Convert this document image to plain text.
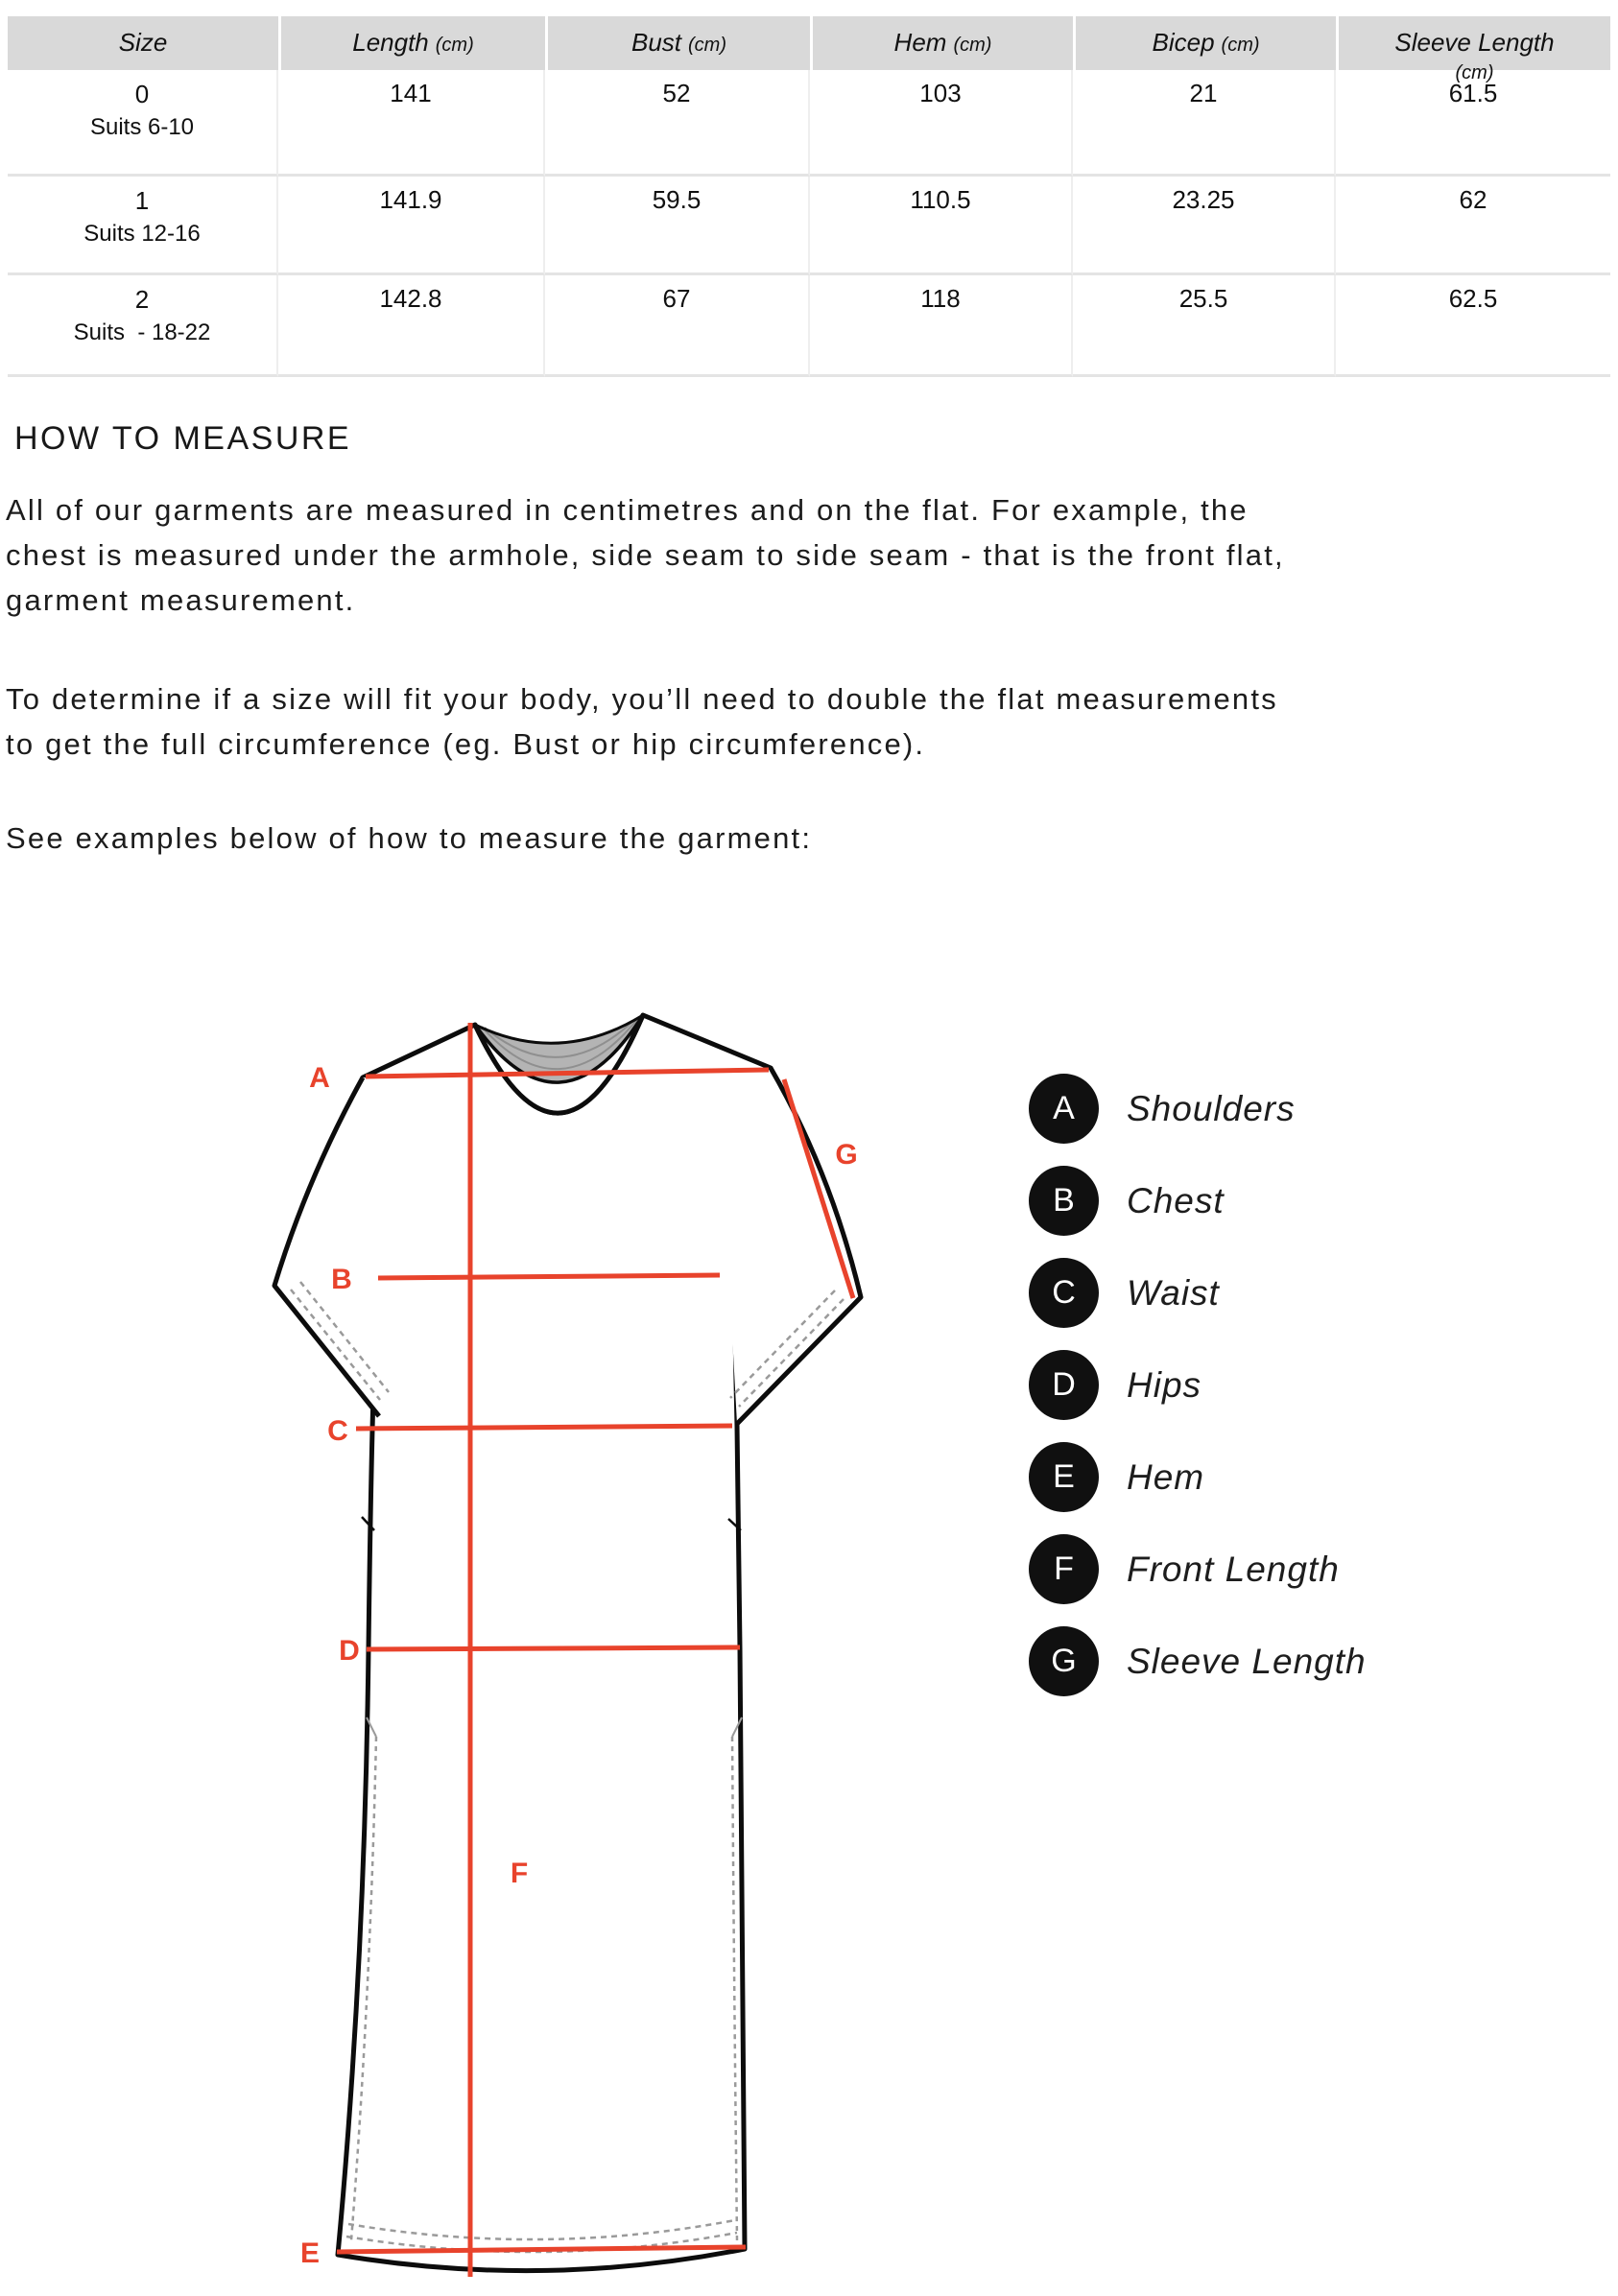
Size	Length (cm)	Bust (cm)	Hem (cm)	Bicep (cm)	Sleeve Length
(cm)

0
Suits 6-10	141	52	103	21	61.5

1
Suits 12-16	141.9	59.5	110.5	23.25	62

2
Suits  - 18-22	142.8	67	118	25.5	62.5
HOW TO MEASURE
All of our garments are measured in centimetres and on the flat. For example, the
chest is measured under the armhole, side seam to side seam - that is the front flat,
garment measurement.
To determine if a size will fit your body, you’ll need to double the flat measurements
to get the full circumference (eg. Bust or hip circumference).
See examples below of how to measure the garment:
A
B
C
D
E
F
G
A	Shoulders
B	Chest
C	Waist
D	Hips
E	Hem
F	Front Length
G	Sleeve Length
